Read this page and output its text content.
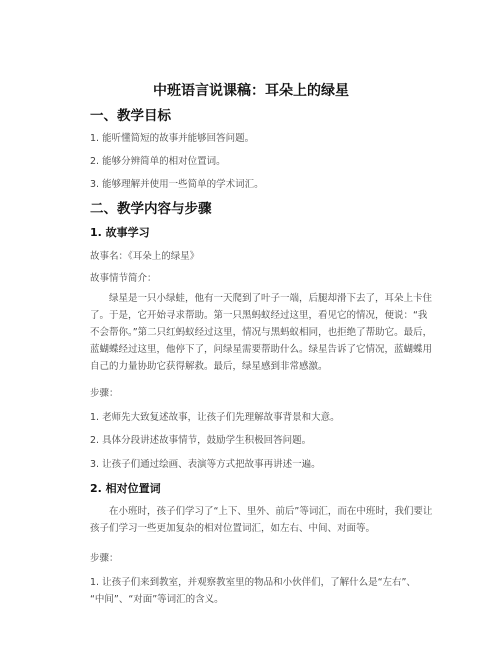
中班语言说课稿：耳朵上的绿星
一、教学目标
1. 能听懂简短的故事并能够回答问题。
2. 能够分辨简单的相对位置词。
3. 能够理解并使用一些简单的学术词汇。
二、教学内容与步骤
1. 故事学习
故事名：《耳朵上的绿星》
故事情节简介：
绿星是一只小绿蛙，他有一天爬到了叶子一端，后腿却滑下去了，耳朵上卡住
了。于是，它开始寻求帮助。第一只黑蚂蚁经过这里，看见它的情况，便说：“我
不会帮你。”第二只红蚂蚁经过这里，情况与黑蚂蚁相同，也拒绝了帮助它。最后，
蓝蝴蝶经过这里，他停下了，问绿星需要帮助什么。绿星告诉了它情况，蓝蝴蝶用
自己的力量协助它获得解救。最后，绿星感到非常感激。
步骤：
1. 老师先大致复述故事，让孩子们先理解故事背景和大意。
2. 具体分段讲述故事情节，鼓励学生积极回答问题。
3. 让孩子们通过绘画、表演等方式把故事再讲述一遍。
2. 相对位置词
在小班时，孩子们学习了“上下、里外、前后”等词汇，而在中班时，我们要让
孩子们学习一些更加复杂的相对位置词汇，如左右、中间、对面等。
步骤：
1. 让孩子们来到教室，并观察教室里的物品和小伙伴们，了解什么是“左右”、
“中间”、“对面”等词汇的含义。
